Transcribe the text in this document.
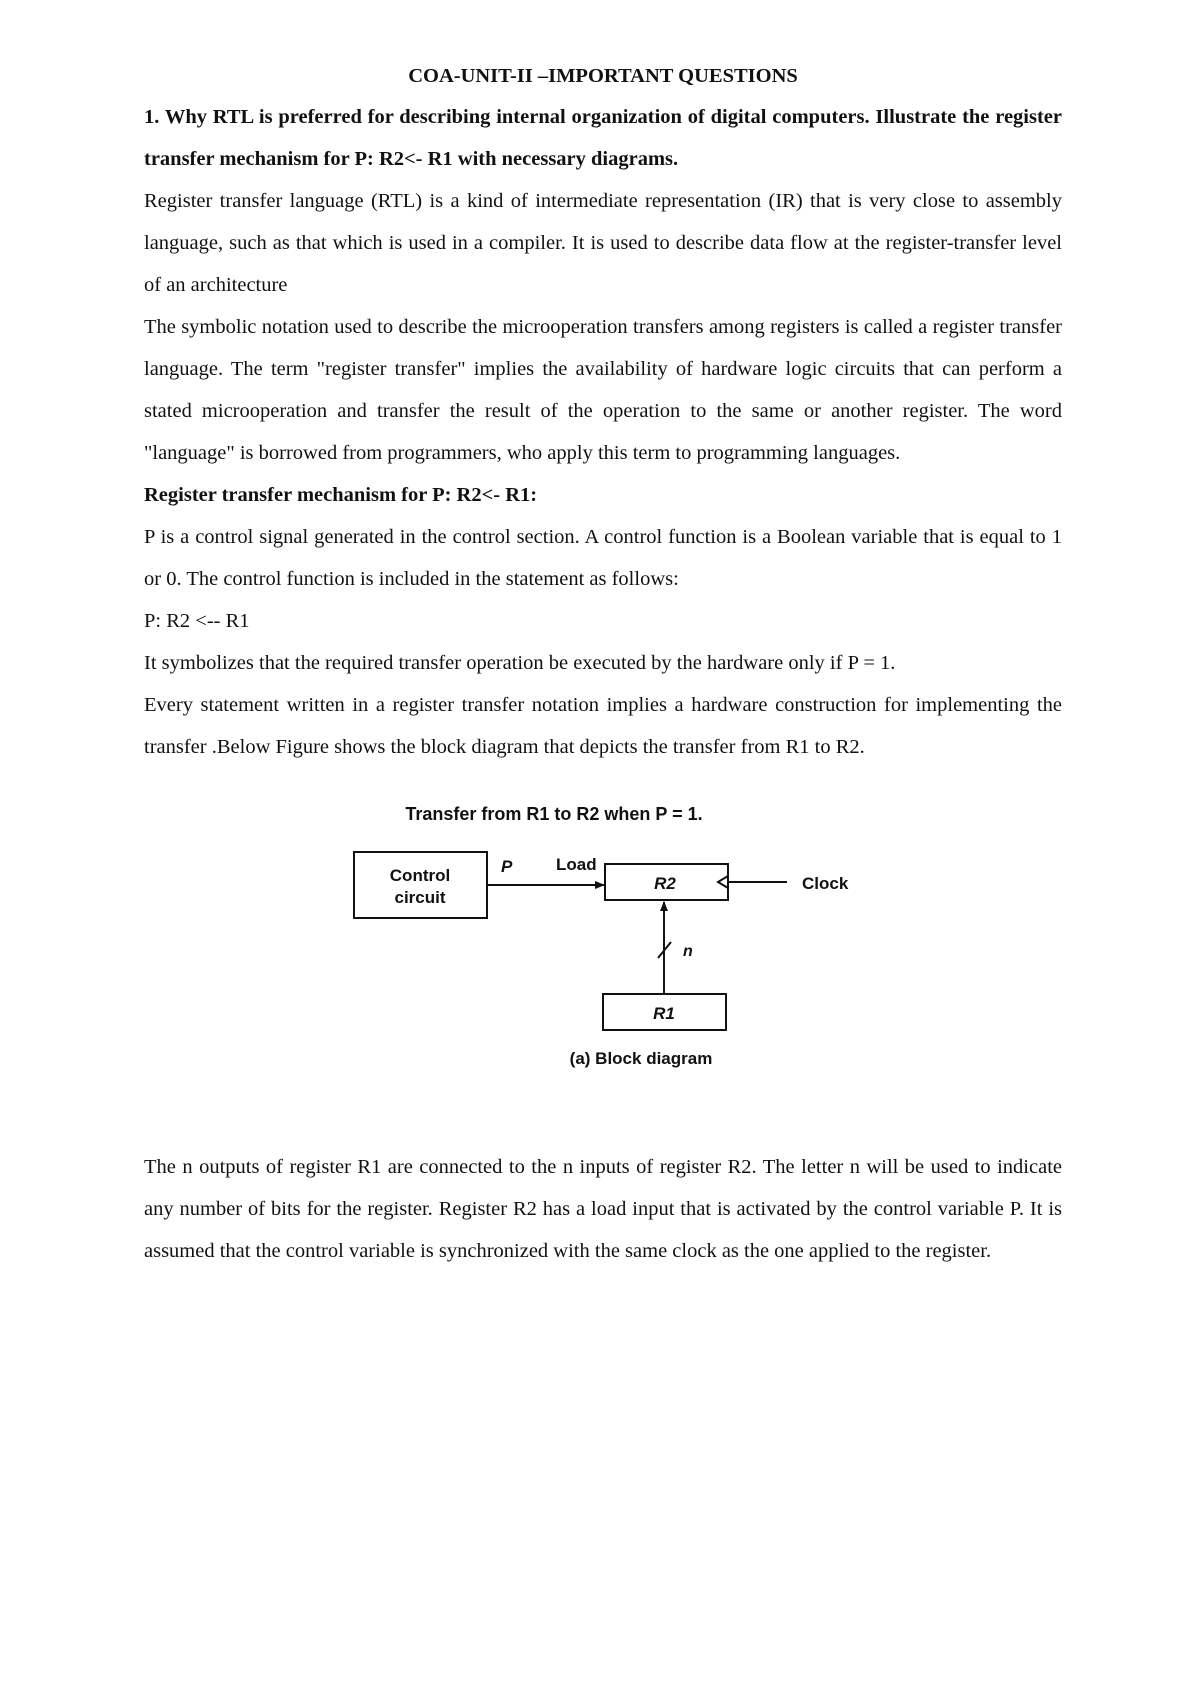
COA-UNIT-II –IMPORTANT QUESTIONS

1. Why RTL is preferred for describing internal organization of digital computers. Illustrate the register transfer mechanism for P: R2<- R1 with necessary diagrams.

Register transfer language (RTL) is a kind of intermediate representation (IR) that is very close to assembly language, such as that which is used in a compiler. It is used to describe data flow at the register-transfer level of an architecture

The symbolic notation used to describe the microoperation transfers among registers is called a register transfer language. The term "register transfer" implies the availability of hardware logic circuits that can perform a stated microoperation and transfer the result of the operation to the same or another register. The word "language" is borrowed from programmers, who apply this term to programming languages.

Register transfer mechanism for P: R2<- R1:

P is a control signal generated in the control section. A control function is a Boolean variable that is equal to 1 or 0. The control function is included in the statement as follows:

P: R2 <-- R1

It symbolizes that the required transfer operation be executed by the hardware only if P = 1.

Every statement written in a register transfer notation implies a hardware construction for implementing the transfer .Below Figure shows the block diagram that depicts the transfer from R1 to R2.

Transfer from R1 to R2 when P = 1.
Control
circuit
P	Load
R2	Clock
n
R1
(a) Block diagram

The n outputs of register R1 are connected to the n inputs of register R2. The letter n will be used to indicate any number of bits for the register. Register R2 has a load input that is activated by the control variable P. It is assumed that the control variable is synchronized with the same clock as the one applied to the register.
